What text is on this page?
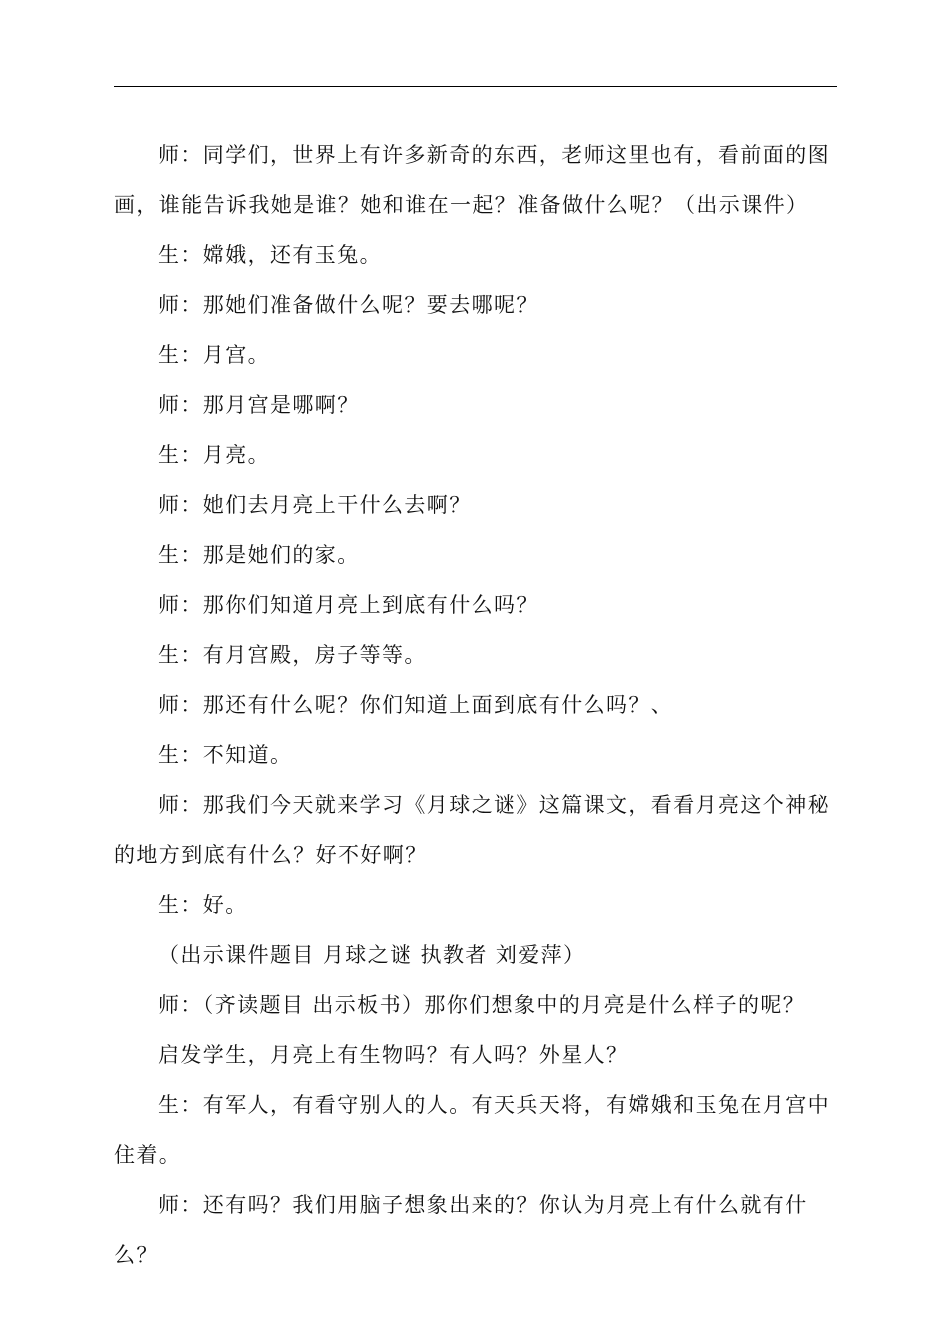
师：同学们，世界上有许多新奇的东西，老师这里也有，看前面的图画，谁能告诉我她是谁？她和谁在一起？准备做什么呢？（出示课件）

生：嫦娥，还有玉兔。

师：那她们准备做什么呢？要去哪呢？

生：月宫。

师：那月宫是哪啊？

生：月亮。

师：她们去月亮上干什么去啊？

生：那是她们的家。

师：那你们知道月亮上到底有什么吗？

生：有月宫殿，房子等等。

师：那还有什么呢？你们知道上面到底有什么吗？、

生：不知道。

师：那我们今天就来学习《月球之谜》这篇课文，看看月亮这个神秘的地方到底有什么？好不好啊？

生：好。

（出示课件题目 月球之谜 执教者 刘爱萍）

师：（齐读题目 出示板书）那你们想象中的月亮是什么样子的呢？

启发学生，月亮上有生物吗？有人吗？外星人？

生：有军人，有看守别人的人。有天兵天将，有嫦娥和玉兔在月宫中住着。

师：还有吗？我们用脑子想象出来的？你认为月亮上有什么就有什么？
